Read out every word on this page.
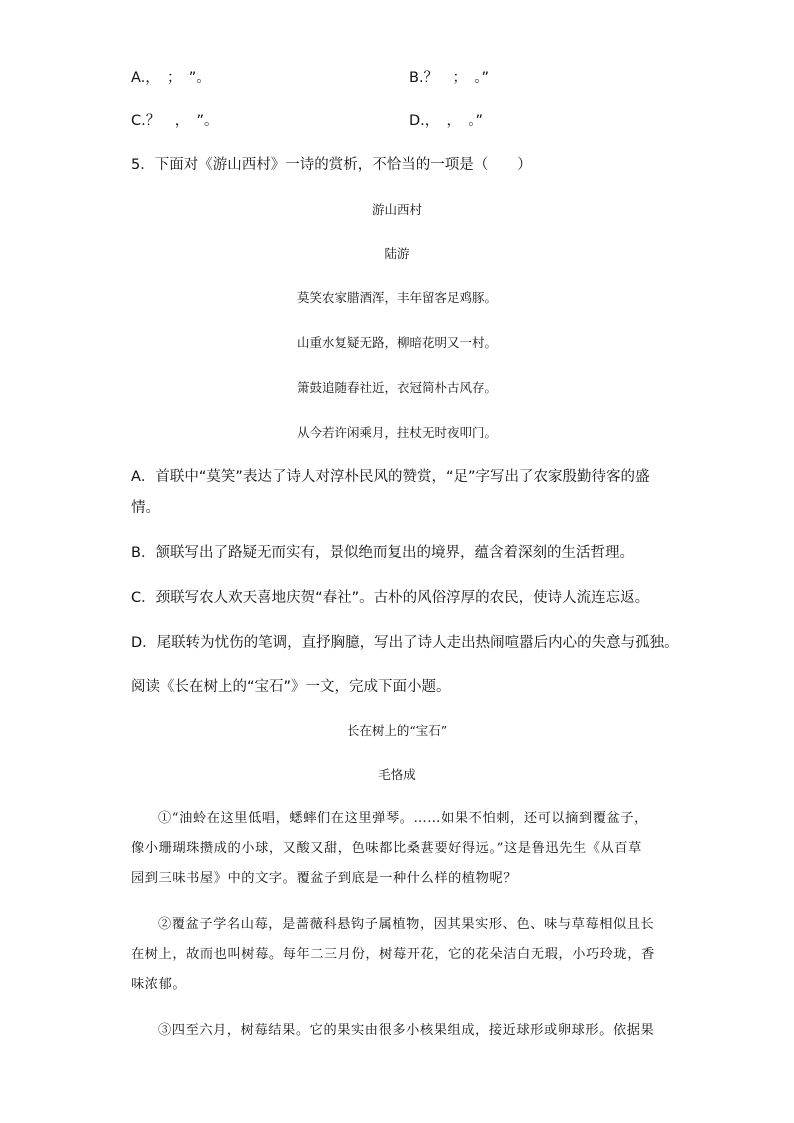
A.，　；　”。	B.？　；　。”
C.？　，　”。	D.，　，　。”
5．下面对《游山西村》一诗的赏析，不恰当的一项是（　　）
游山西村
陆游
莫笑农家腊酒浑，丰年留客足鸡豚。
山重水复疑无路，柳暗花明又一村。
箫鼓追随春社近，衣冠简朴古风存。
从今若许闲乘月，拄杖无时夜叩门。
A．首联中“莫笑”表达了诗人对淳朴民风的赞赏，“足”字写出了农家殷勤待客的盛
情。
B．颔联写出了路疑无而实有，景似绝而复出的境界，蕴含着深刻的生活哲理。
C．颈联写农人欢天喜地庆贺“春社”。古朴的风俗淳厚的农民，使诗人流连忘返。
D．尾联转为忧伤的笔调，直抒胸臆，写出了诗人走出热闹喧嚣后内心的失意与孤独。
阅读《长在树上的“宝石”》一文，完成下面小题。
长在树上的“宝石”
毛恪成
①“油蛉在这里低唱，蟋蟀们在这里弹琴。……如果不怕刺，还可以摘到覆盆子，
像小珊瑚珠攒成的小球，又酸又甜，色味都比桑葚要好得远。”这是鲁迅先生《从百草
园到三味书屋》中的文字。覆盆子到底是一种什么样的植物呢？
②覆盆子学名山莓，是蔷薇科悬钩子属植物，因其果实形、色、味与草莓相似且长
在树上，故而也叫树莓。每年二三月份，树莓开花，它的花朵洁白无瑕，小巧玲珑，香
味浓郁。
③四至六月，树莓结果。它的果实由很多小核果组成，接近球形或卵球形。依据果
